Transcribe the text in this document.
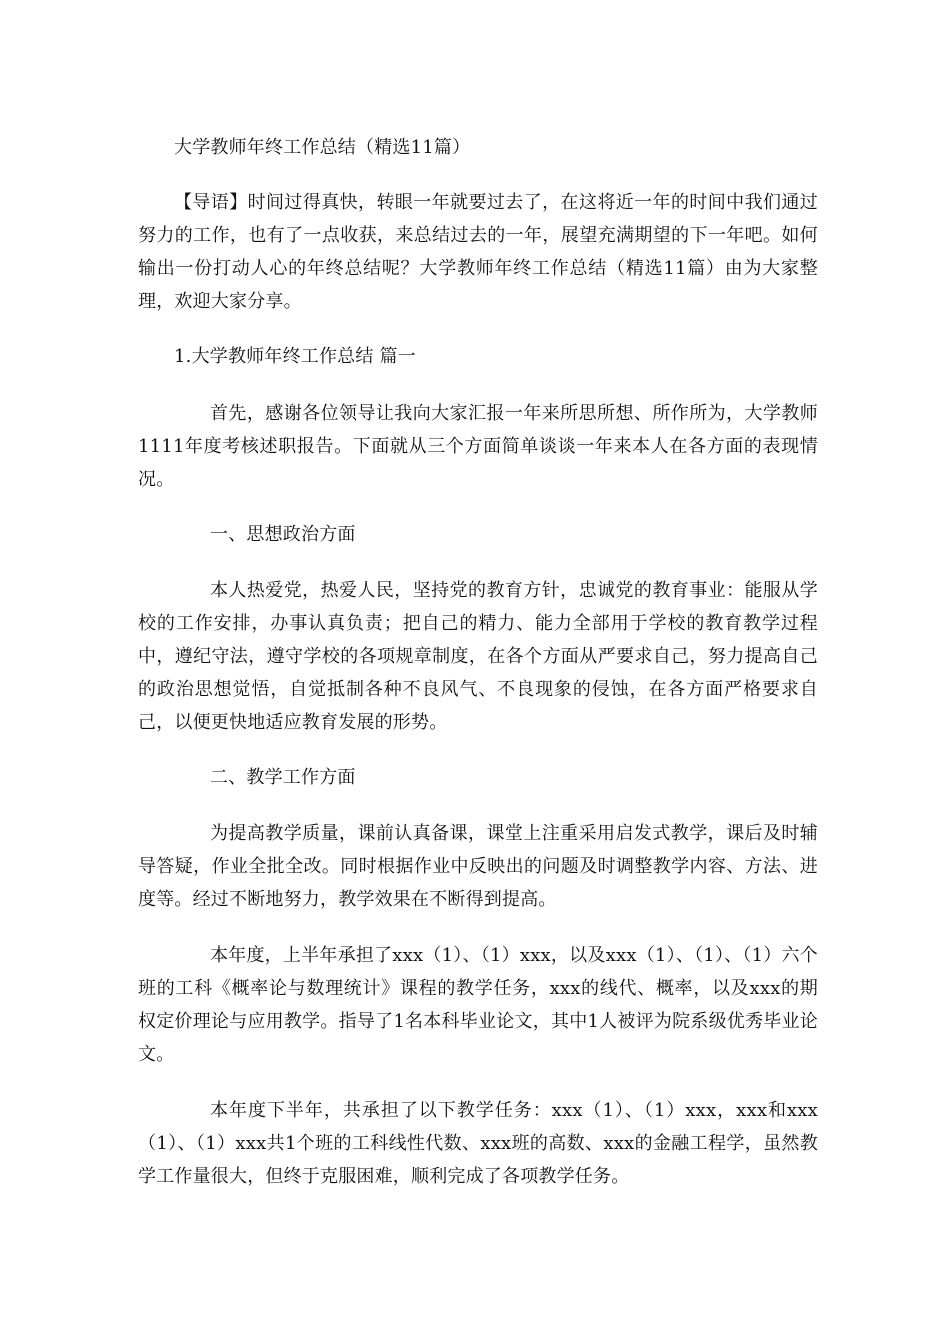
大学教师年终工作总结（精选11篇）

【导语】时间过得真快，转眼一年就要过去了，在这将近一年的时间中我们通过努力的工作，也有了一点收获，来总结过去的一年，展望充满期望的下一年吧。如何输出一份打动人心的年终总结呢？大学教师年终工作总结（精选11篇）由为大家整理，欢迎大家分享。

1.大学教师年终工作总结 篇一

首先，感谢各位领导让我向大家汇报一年来所思所想、所作所为，大学教师1111年度考核述职报告。下面就从三个方面简单谈谈一年来本人在各方面的表现情况。

一、思想政治方面

本人热爱党，热爱人民，坚持党的教育方针，忠诚党的教育事业：能服从学校的工作安排，办事认真负责；把自己的精力、能力全部用于学校的教育教学过程中，遵纪守法，遵守学校的各项规章制度，在各个方面从严要求自己，努力提高自己的政治思想觉悟，自觉抵制各种不良风气、不良现象的侵蚀，在各方面严格要求自己，以便更快地适应教育发展的形势。

二、教学工作方面

为提高教学质量，课前认真备课，课堂上注重采用启发式教学，课后及时辅导答疑，作业全批全改。同时根据作业中反映出的问题及时调整教学内容、方法、进度等。经过不断地努力，教学效果在不断得到提高。

本年度，上半年承担了xxx（1）、（1）xxx，以及xxx（1）、（1）、（1）六个班的工科《概率论与数理统计》课程的教学任务，xxx的线代、概率，以及xxx的期权定价理论与应用教学。指导了1名本科毕业论文，其中1人被评为院系级优秀毕业论文。

本年度下半年，共承担了以下教学任务：xxx（1）、（1）xxx，xxx和xxx（1）、（1）xxx共1个班的工科线性代数、xxx班的高数、xxx的金融工程学，虽然教学工作量很大，但终于克服困难，顺利完成了各项教学任务。
